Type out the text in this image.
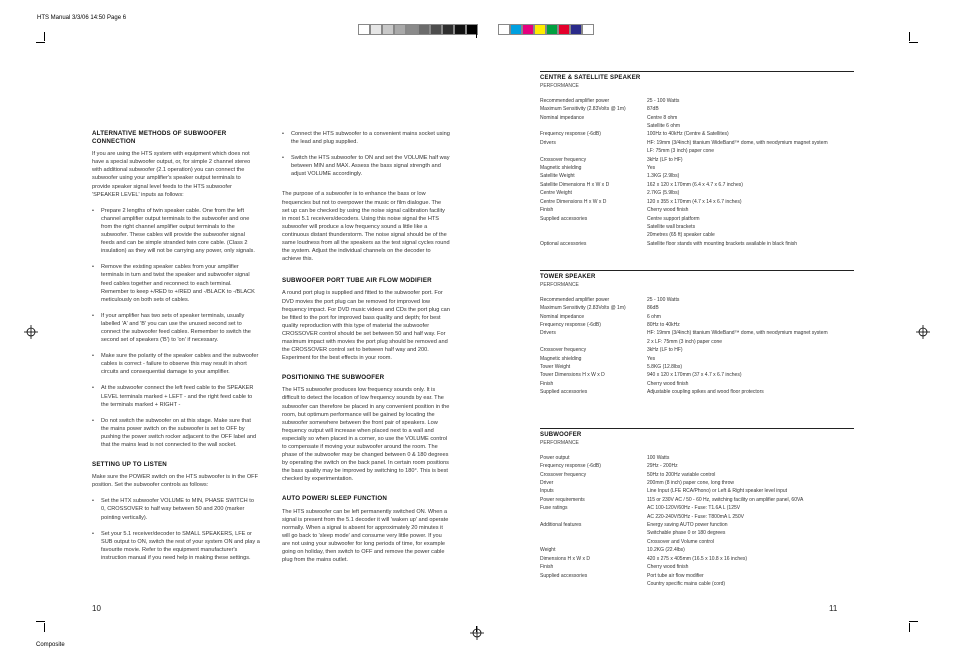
HTS Manual 3/3/06 14:50 Page 6
Composite
ALTERNATIVE METHODS OF SUBWOOFER CONNECTION

If you are using the HTS system with equipment which does not have a special subwoofer output, or, for simple 2 channel stereo with additional subwoofer (2.1 operation) you can connect the subwoofer using your amplifier's speaker output terminals to provide speaker signal level feeds to the HTS subwoofer 'SPEAKER LEVEL' inputs as follows:

• Prepare 2 lengths of twin speaker cable. One from the left channel amplifier output terminals to the subwoofer and one from the right channel amplifier output terminals to the subwoofer. These cables will provide the subwoofer signal feeds and can be simple stranded twin core cable. (Class 2 insulation) as they will not be carrying any power, only signals.
• Remove the existing speaker cables from your amplifier terminals in turn and twist the speaker and subwoofer signal feed cables together and reconnect to each terminal. Remember to keep +/RED to +/RED and -/BLACK to -/BLACK meticulously on both sets of cables.
• If your amplifier has two sets of speaker terminals, usually labelled 'A' and 'B' you can use the unused second set to connect the subwoofer feed cables. Remember to switch the second set of speakers ('B') to 'on' if necessary.
• Make sure the polarity of the speaker cables and the subwoofer cables is correct - failure to observe this may result in short circuits and consequential damage to your amplifier.
• At the subwoofer connect the left feed cable to the SPEAKER LEVEL terminals marked + LEFT - and the right feed cable to the terminals marked + RIGHT -
• Do not switch the subwoofer on at this stage. Make sure that the mains power switch on the subwoofer is set to OFF by pushing the power switch rocker adjacent to the OFF label and that the mains lead is not connected to the wall socket.
SETTING UP TO LISTEN

Make sure the POWER switch on the HTS subwoofer is in the OFF position. Set the subwoofer controls as follows:

• Set the HTX subwoofer VOLUME to MIN, PHASE SWITCH to 0, CROSSOVER to half way between 50 and 200 (marker pointing vertically).
• Set your 5.1 receiver/decoder to SMALL SPEAKERS, LFE or SUB output to ON, switch the rest of your system ON and play a favourite movie. Refer to the equipment manufacturer's instruction manual if you need help in making these settings.
• Connect the HTS subwoofer to a convenient mains socket using the lead and plug supplied.
• Switch the HTS subwoofer to ON and set the VOLUME half way between MIN and MAX. Assess the bass signal strength and adjust VOLUME accordingly.

The purpose of a subwoofer is to enhance the bass or low frequencies but not to overpower the music or film dialogue. The set up can be checked by using the noise signal calibration facility in most 5.1 receivers/decoders. Using this noise signal the HTS subwoofer will produce a low frequency sound a little like a continuous distant thunderstorm. The noise signal should be of the same loudness from all the speakers as the test signal cycles round the system. Adjust the individual channels on the decoder to achieve this.

SUBWOOFER PORT TUBE AIR FLOW MODIFIER

A round port plug is supplied and fitted to the subwoofer port. For DVD movies the port plug can be removed for improved low frequency impact. For DVD music videos and CDs the port plug can be fitted to the port for improved bass quality and depth; for best quality reproduction with this type of material the subwoofer CROSSOVER control should be set between 50 and half way. For maximum impact with movies the port plug should be removed and the CROSSOVER control set to between half way and 200. Experiment for the best effects in your room.

POSITIONING THE SUBWOOFER

The HTS subwoofer produces low frequency sounds only. It is difficult to detect the location of low frequency sounds by ear. The subwoofer can therefore be placed in any convenient position in the room, but optimum performance will be gained by locating the subwoofer somewhere between the front pair of speakers. Low frequency output will increase when placed next to a wall and especially so when placed in a corner, so use the VOLUME control to compensate if moving your subwoofer around the room. The phase of the subwoofer may be changed between 0 & 180 degrees by operating the switch on the back panel. In certain room positions the bass quality may be improved by switching to 180°. This is best checked by experimentation.

AUTO POWER/ SLEEP FUNCTION

The HTS subwoofer can be left permanently switched ON. When a signal is present from the 5.1 decoder it will 'waken up' and operate normally. When a signal is absent for approximately 20 minutes it will go back to 'sleep mode' and consume very little power. If you are not using your subwoofer for long periods of time, for example going on holiday, then switch to OFF and remove the power cable plug from the mains outlet.

CENTRE & SATELLITE SPEAKER
PERFORMANCE
Recommended amplifier power	25 - 100 Watts
Maximum Sensitivity (2.83Volts @ 1m)	87dB
Nominal impedance	Centre 8 ohm
Satellite 6 ohm
Frequency response (-6dB)	100Hz to 40kHz (Centre & Satellites)
Drivers	HF: 19mm (3/4inch) titanium WideBand™ dome, with neodymium magnet system
LF: 75mm (3 inch) paper cone
Crossover frequency	3kHz (LF to HF)
Magnetic shielding	Yes
Satellite Weight	1.3KG (2.9lbs)
Satellite Dimensions H x W x D	162 x 120 x 170mm (6.4 x 4.7 x 6.7 inches)
Centre Weight	2.7KG (5.9lbs)
Centre Dimensions H x W x D	120 x 355 x 170mm (4.7 x 14 x 6.7 inches)
Finish	Cherry wood finish
Supplied accessories	Centre support platform
Satellite wall brackets
20metres (65 ft) speaker cable
Optional accessories	Satellite floor stands with mounting brackets available in black finish
TOWER SPEAKER
PERFORMANCE
Recommended amplifier power	25 - 100 Watts
Maximum Sensitivity (2.83Volts @ 1m)	86dB
Nominal impedance	6 ohm
Frequency response (-6dB)	80Hz to 40kHz
Drivers	HF: 19mm (3/4inch) titanium WideBand™ dome, with neodymium magnet system
2 x LF: 75mm (3 inch) paper cone
Crossover frequency	3kHz (LF to HF)
Magnetic shielding	Yes
Tower Weight	5.8KG (12.8lbs)
Tower Dimensions H x W x D	940 x 120 x 170mm (37 x 4.7 x 6.7 inches)
Finish	Cherry wood finish
Supplied accessories	Adjustable coupling spikes and wood floor protectors
SUBWOOFER
PERFORMANCE
Power output	100 Watts
Frequency response (-6dB)	29Hz - 200Hz
Crossover frequency	50Hz to 200Hz variable control
Driver	200mm (8 inch) paper cone, long throw
Inputs	Line Input (LFE RCA/Phono) or Left & Right speaker level input
Power requirements	115 or 230V AC / 50 - 60 Hz, switching facility on amplifier panel, 60VA
Fuse ratings	AC 100-120V/60Hz - Fuse: T1.6A L (125V
AC 220-240V/50Hz - Fuse: T800mA L 250V
Additional features	Energy saving AUTO power function
Switchable phase 0 or 180 degrees
Crossover and Volume control
Weight	10.2KG (22.4lbs)
Dimensions H x W x D	420 x 275 x 405mm (16.5 x 10.8 x 16 inches)
Finish	Cherry wood finish
Supplied accessories	Port tube air flow modifier
Country specific mains cable (cord)
10	11
